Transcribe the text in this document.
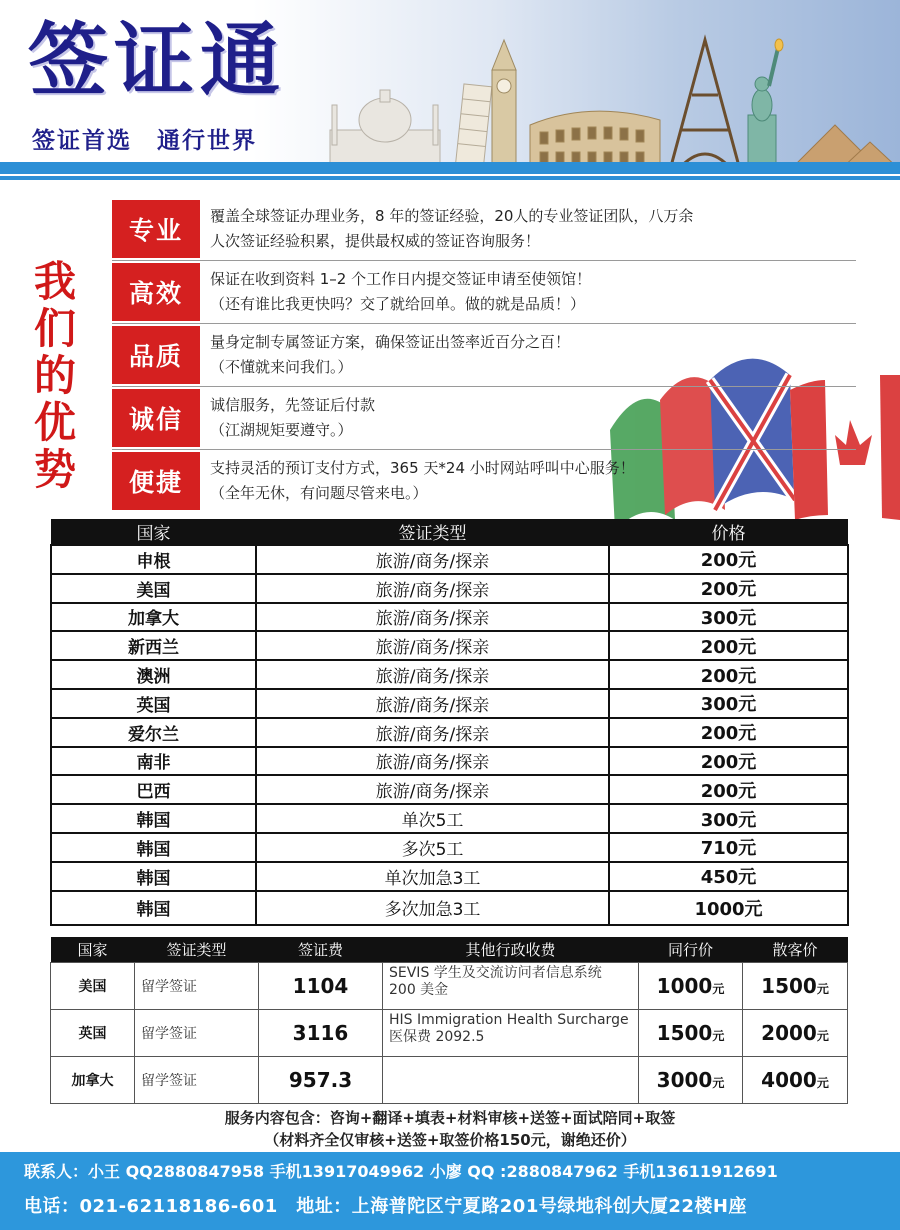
签证通
签证首选　通行世界
我
们
的
优
势
专业	覆盖全球签证办理业务，8 年的签证经验，20人的专业签证团队，八万余
人次签证经验积累，提供最权威的签证咨询服务！
高效	保证在收到资料 1–2 个工作日内提交签证申请至使领馆！
（还有谁比我更快吗？交了就给回单。做的就是品质！）
品质	量身定制专属签证方案，确保签证出签率近百分之百！
（不懂就来问我们。）
诚信	诚信服务，先签证后付款
（江湖规矩要遵守。）
便捷	支持灵活的预订支付方式，365 天*24 小时网站呼叫中心服务！
（全年无休，有问题尽管来电。）
国家	签证类型	价格
申根	旅游/商务/探亲	200元
美国	旅游/商务/探亲	200元
加拿大	旅游/商务/探亲	300元
新西兰	旅游/商务/探亲	200元
澳洲	旅游/商务/探亲	200元
英国	旅游/商务/探亲	300元
爱尔兰	旅游/商务/探亲	200元
南非	旅游/商务/探亲	200元
巴西	旅游/商务/探亲	200元
韩国	单次5工	300元
韩国	多次5工	710元
韩国	单次加急3工	450元
韩国	多次加急3工	1000元
国家	签证类型	签证费	其他行政收费	同行价	散客价
美国	留学签证	1104	SEVIS 学生及交流访问者信息系统 200 美金	1000元	1500元
英国	留学签证	3116	HIS Immigration Health Surcharge 医保费 2092.5	1500元	2000元
加拿大	留学签证	957.3		3000元	4000元
服务内容包含：咨询+翻译+填表+材料审核+送签+面试陪同+取签
（材料齐全仅审核+送签+取签价格150元，谢绝还价）
联系人：小王 QQ2880847958 手机13917049962 小廖 QQ :2880847962 手机13611912691
电话：021-62118186-601　地址：上海普陀区宁夏路201号绿地科创大厦22楼H座
